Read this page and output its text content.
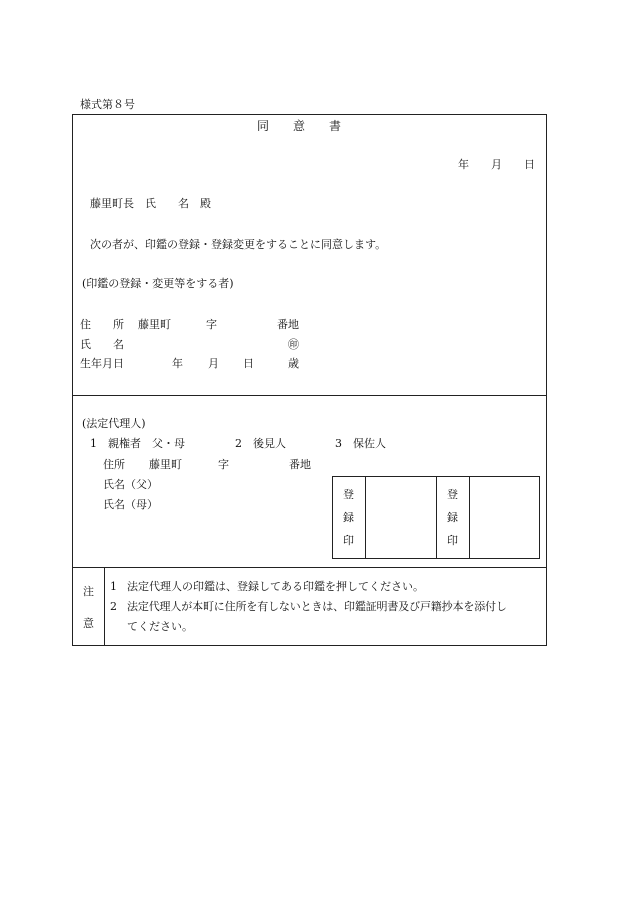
様式第８号
同　　意　　書
年　　月　　日
藤里町長　氏　　名　殿
次の者が、印鑑の登録・登録変更をすることに同意します。
(印鑑の登録・変更等をする者)
住　　所 藤里町	字	番地
氏　　名	㊞
生年月日	年 月 日	歳
(法定代理人)
1　親権者　父・母	2　後見人	3　保佐人
住所 藤里町	字	番地
氏名（父）
氏名（母）
登
録
印
登
録
印
注
意
1 法定代理人の印鑑は、登録してある印鑑を押してください。
2 法定代理人が本町に住所を有しないときは、印鑑証明書及び戸籍抄本を添付し
てください。
